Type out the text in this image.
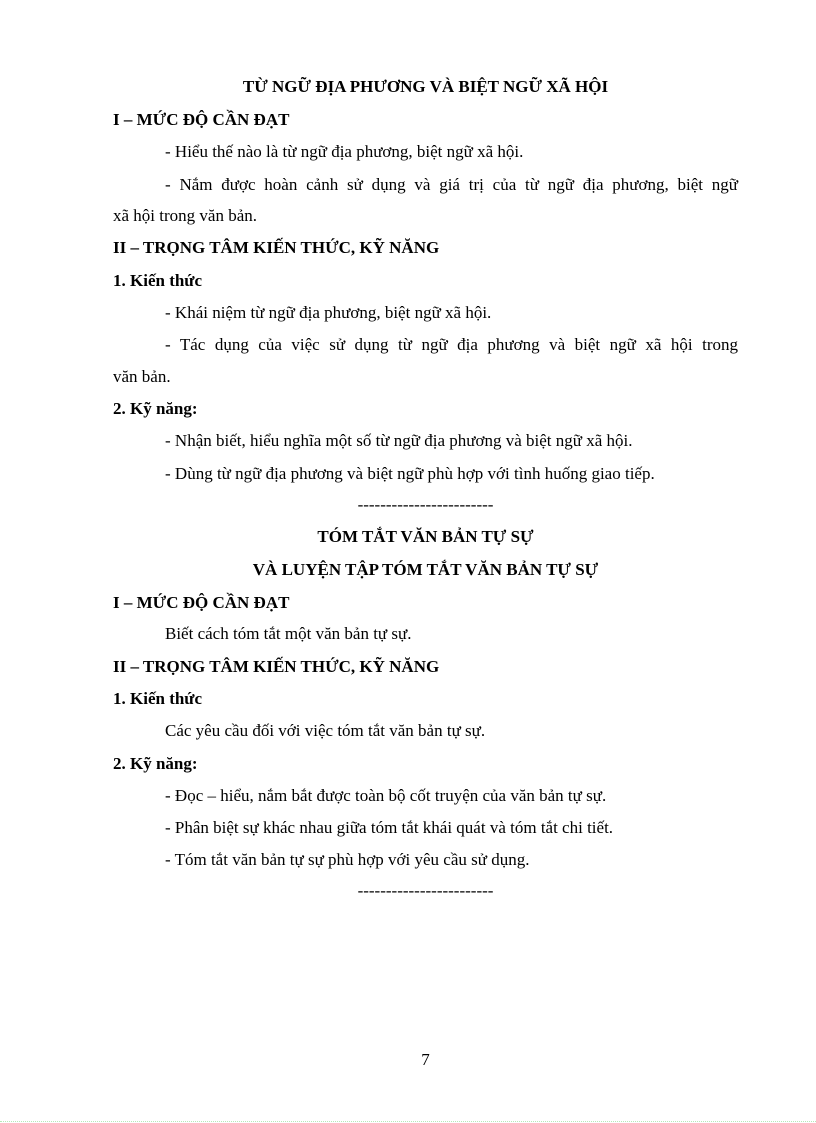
TỪ NGỮ ĐỊA PHƯƠNG VÀ BIỆT NGỮ XÃ HỘI
I – MỨC ĐỘ CẦN ĐẠT
- Hiểu thế nào là từ ngữ địa phương, biệt ngữ xã hội.
- Nắm được hoàn cảnh sử dụng và giá trị của từ ngữ địa phương, biệt ngữ
xã hội trong văn bản.
II – TRỌNG TÂM KIẾN THỨC, KỸ NĂNG
1. Kiến thức
- Khái niệm từ ngữ địa phương, biệt ngữ xã hội.
- Tác dụng của việc sử dụng từ ngữ địa phương và biệt ngữ xã hội trong
văn bản.
2. Kỹ năng:
- Nhận biết, hiểu nghĩa một số từ ngữ địa phương và biệt ngữ xã hội.
- Dùng từ ngữ địa phương và biệt ngữ phù hợp với tình huống giao tiếp.
------------------------
TÓM TẮT VĂN BẢN TỰ SỰ
VÀ LUYỆN TẬP TÓM TẮT VĂN BẢN TỰ SỰ
I – MỨC ĐỘ CẦN ĐẠT
Biết cách tóm tắt một văn bản tự sự.
II – TRỌNG TÂM KIẾN THỨC, KỸ NĂNG
1. Kiến thức
Các yêu cầu đối với việc tóm tắt văn bản tự sự.
2. Kỹ năng:
- Đọc – hiểu, nắm bắt được toàn bộ cốt truyện của văn bản tự sự.
- Phân biệt sự khác nhau giữa tóm tắt khái quát và tóm tắt chi tiết.
- Tóm tắt văn bản tự sự phù hợp với yêu cầu sử dụng.
------------------------
7
